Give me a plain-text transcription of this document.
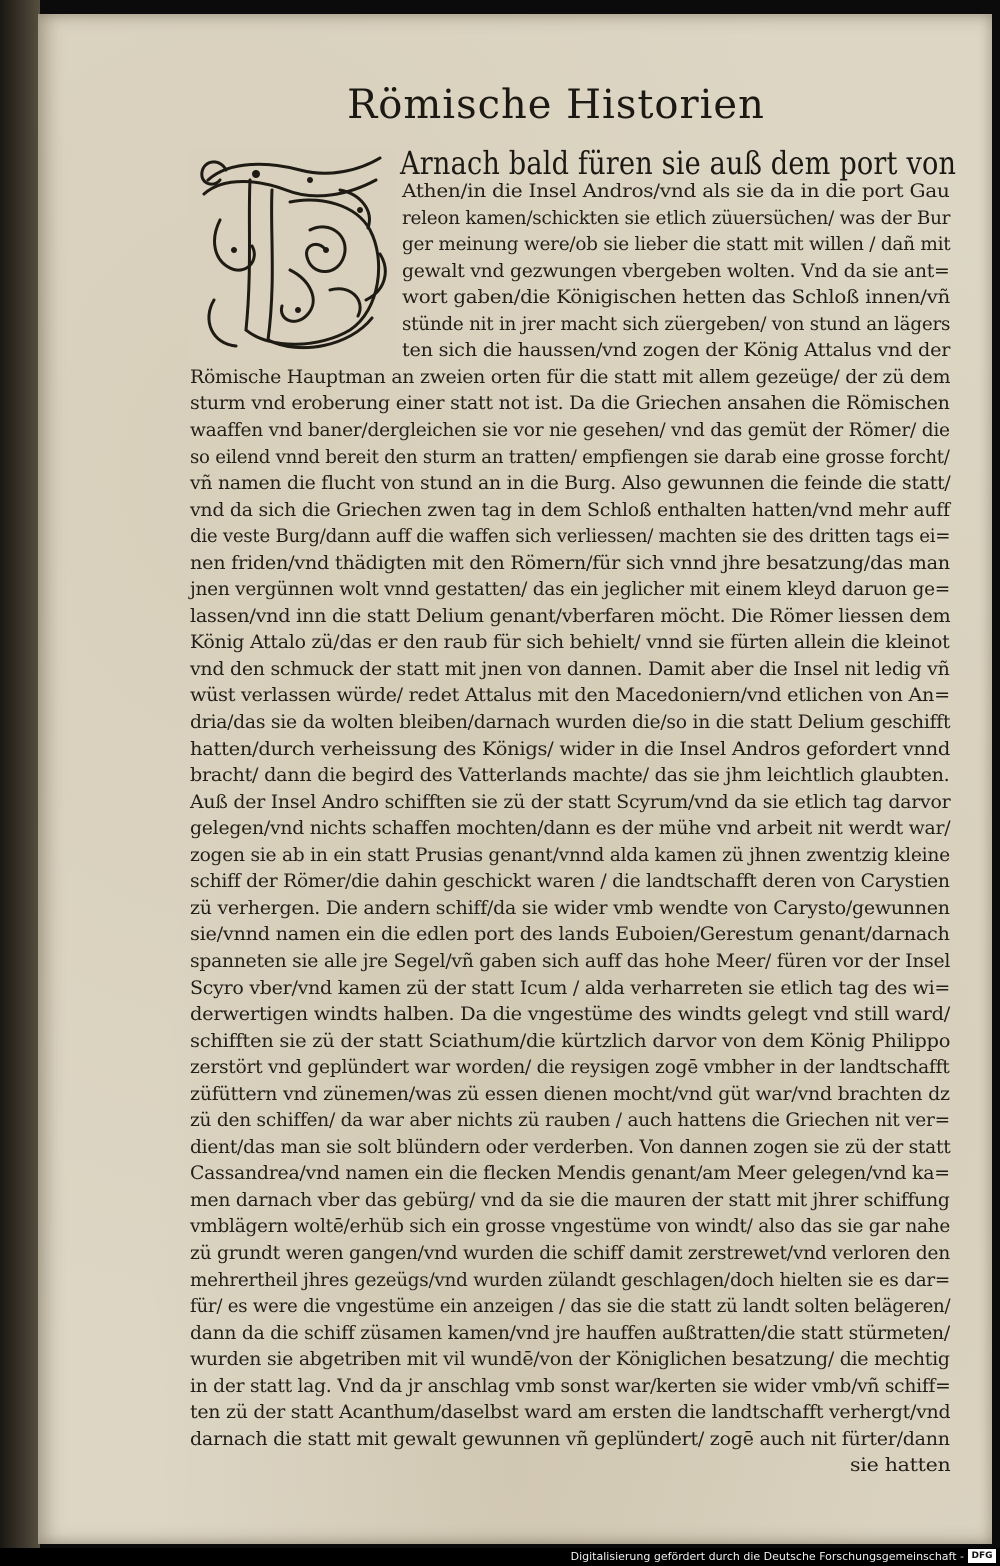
Römische Historien
Arnach bald füren sie auß dem port von
Athen/in die Insel Andros/vnd als sie da in die port Gau
releon kamen/schickten sie etlich züuersüchen/ was der Bur
ger meinung were/ob sie lieber die statt mit willen / dañ mit
gewalt vnd gezwungen vbergeben wolten. Vnd da sie ant=
wort gaben/die Königischen hetten das Schloß innen/vñ
stünde nit in jrer macht sich züergeben/ von stund an lägers
ten sich die haussen/vnd zogen der König Attalus vnd der
Römische Hauptman an zweien orten für die statt mit allem gezeüge/ der zü dem
sturm vnd eroberung einer statt not ist. Da die Griechen ansahen die Römischen
waaffen vnd baner/dergleichen sie vor nie gesehen/ vnd das gemüt der Römer/ die
so eilend vnnd bereit den sturm an tratten/ empfiengen sie darab eine grosse forcht/
vñ namen die flucht von stund an in die Burg. Also gewunnen die feinde die statt/
vnd da sich die Griechen zwen tag in dem Schloß enthalten hatten/vnd mehr auff
die veste Burg/dann auff die waffen sich verliessen/ machten sie des dritten tags ei=
nen friden/vnd thädigten mit den Römern/für sich vnnd jhre besatzung/das man
jnen vergünnen wolt vnnd gestatten/ das ein jeglicher mit einem kleyd daruon ge=
lassen/vnd inn die statt Delium genant/vberfaren möcht. Die Römer liessen dem
König Attalo zü/das er den raub für sich behielt/ vnnd sie fürten allein die kleinot
vnd den schmuck der statt mit jnen von dannen. Damit aber die Insel nit ledig vñ
wüst verlassen würde/ redet Attalus mit den Macedoniern/vnd etlichen von An=
dria/das sie da wolten bleiben/darnach wurden die/so in die statt Delium geschifft
hatten/durch verheissung des Königs/ wider in die Insel Andros gefordert vnnd
bracht/ dann die begird des Vatterlands machte/ das sie jhm leichtlich glaubten.
Auß der Insel Andro schifften sie zü der statt Scyrum/vnd da sie etlich tag darvor
gelegen/vnd nichts schaffen mochten/dann es der mühe vnd arbeit nit werdt war/
zogen sie ab in ein statt Prusias genant/vnnd alda kamen zü jhnen zwentzig kleine
schiff der Römer/die dahin geschickt waren / die landtschafft deren von Carystien
zü verhergen. Die andern schiff/da sie wider vmb wendte von Carysto/gewunnen
sie/vnnd namen ein die edlen port des lands Euboien/Gerestum genant/darnach
spanneten sie alle jre Segel/vñ gaben sich auff das hohe Meer/ füren vor der Insel
Scyro vber/vnd kamen zü der statt Icum / alda verharreten sie etlich tag des wi=
derwertigen windts halben. Da die vngestüme des windts gelegt vnd still ward/
schifften sie zü der statt Sciathum/die kürtzlich darvor von dem König Philippo
zerstört vnd geplündert war worden/ die reysigen zogē vmbher in der landtschafft
züfüttern vnd zünemen/was zü essen dienen mocht/vnd güt war/vnd brachten dz
zü den schiffen/ da war aber nichts zü rauben / auch hattens die Griechen nit ver=
dient/das man sie solt blündern oder verderben. Von dannen zogen sie zü der statt
Cassandrea/vnd namen ein die flecken Mendis genant/am Meer gelegen/vnd ka=
men darnach vber das gebürg/ vnd da sie die mauren der statt mit jhrer schiffung
vmblägern woltē/erhüb sich ein grosse vngestüme von windt/ also das sie gar nahe
zü grundt weren gangen/vnd wurden die schiff damit zerstrewet/vnd verloren den
mehrertheil jhres gezeügs/vnd wurden zülandt geschlagen/doch hielten sie es dar=
für/ es were die vngestüme ein anzeigen / das sie die statt zü landt solten belägeren/
dann da die schiff züsamen kamen/vnd jre hauffen außtratten/die statt stürmeten/
wurden sie abgetriben mit vil wundē/von der Königlichen besatzung/ die mechtig
in der statt lag. Vnd da jr anschlag vmb sonst war/kerten sie wider vmb/vñ schiff=
ten zü der statt Acanthum/daselbst ward am ersten die landtschafft verhergt/vnd
darnach die statt mit gewalt gewunnen vñ geplündert/ zogē auch nit fürter/dann
sie hatten
Digitalisierung gefördert durch die Deutsche Forschungsgemeinschaft - DFG
